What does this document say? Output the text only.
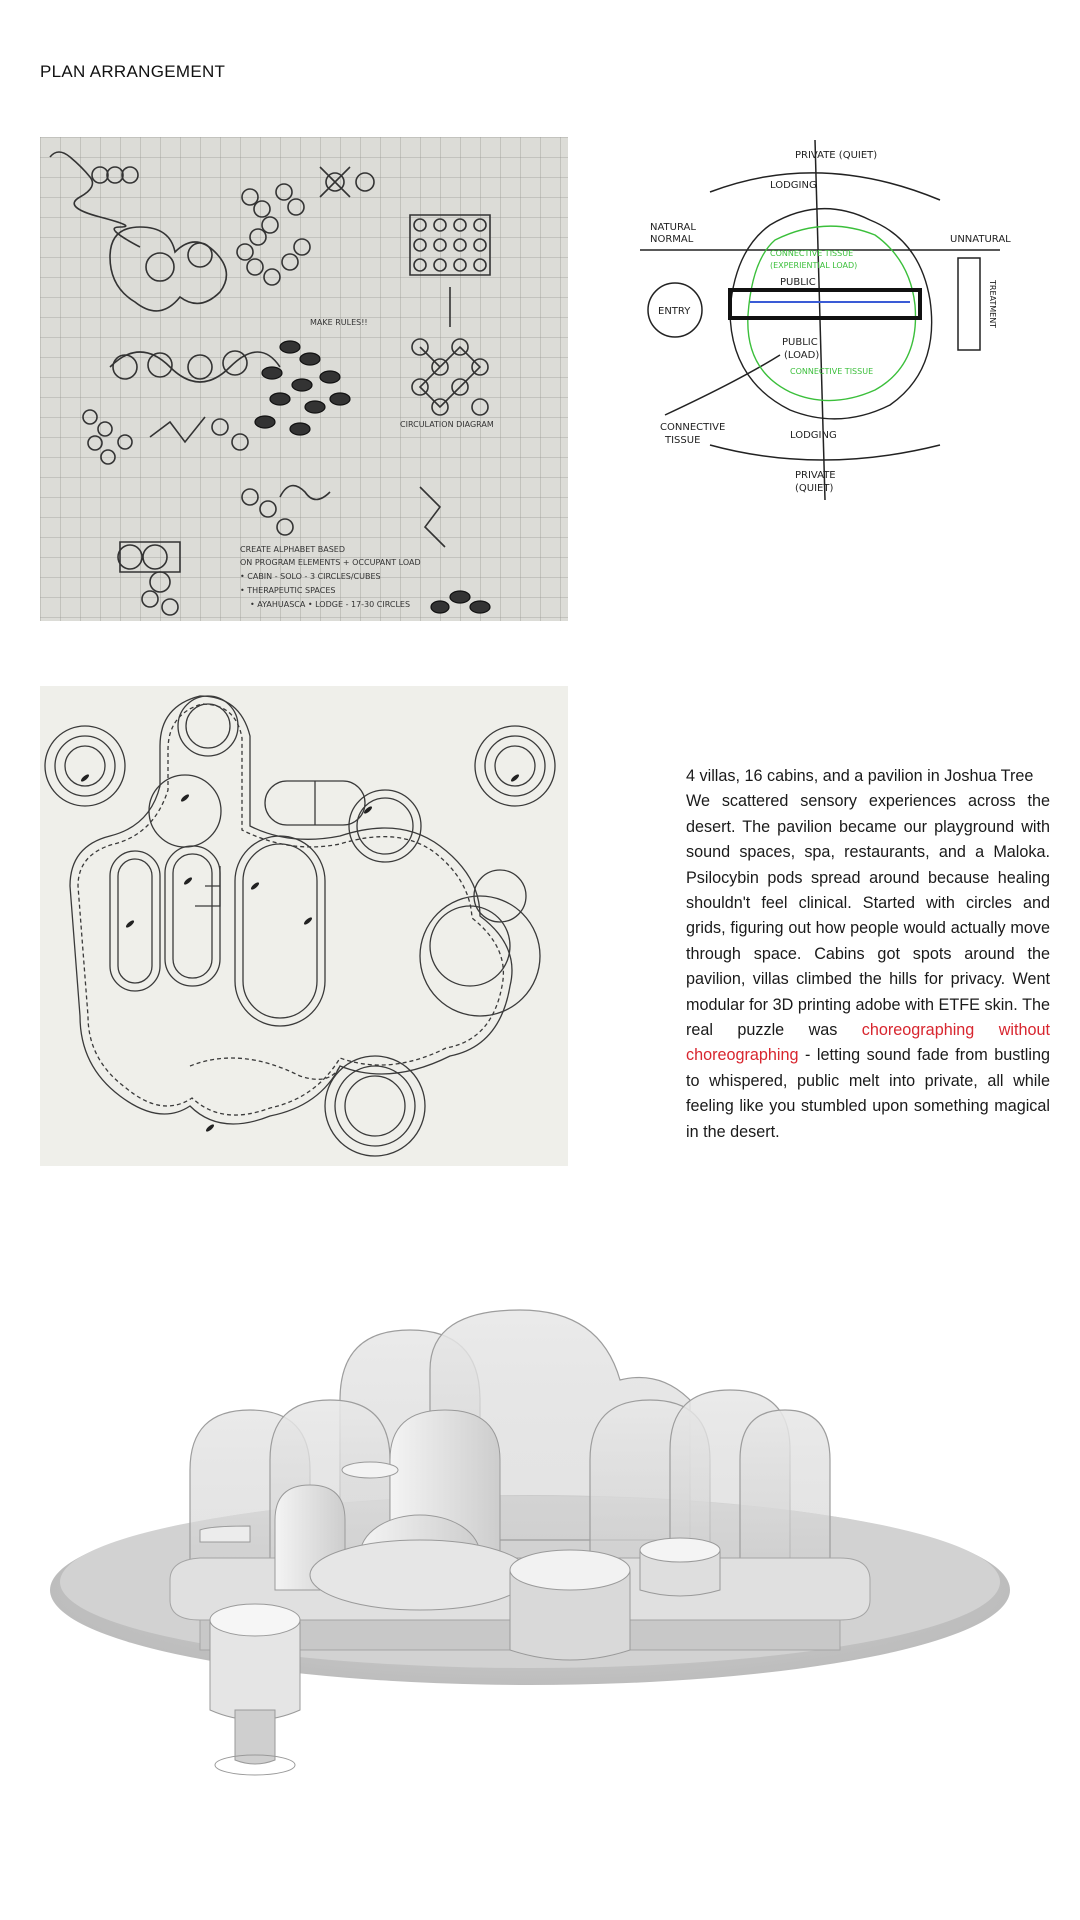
PLAN ARRANGEMENT
MAKE RULES!!
CIRCULATION DIAGRAM
CREATE ALPHABET BASED
ON PROGRAM ELEMENTS + OCCUPANT LOAD
• CABIN - SOLO - 3 CIRCLES/CUBES
• THERAPEUTIC SPACES
• AYAHUASCA • LODGE - 17-30 CIRCLES
PRIVATE (QUIET)
LODGING
NATURAL
NORMAL	UNNATURAL
ENTRY
PUBLIC
PUBLIC
(LOAD)
CONNECTIVE
TISSUE	LODGING
PRIVATE
(QUIET)
TREATMENT
CONNECTIVE TISSUE
(EXPERIENTIAL LOAD)
CONNECTIVE TISSUE
4 villas, 16 cabins, and a pavilion in Joshua Tree
We scattered sensory experiences across the desert. The pavilion became our playground with sound spaces, spa, restaurants, and a Maloka. Psilocybin pods spread around because healing shouldn't feel clinical. Started with circles and grids, figuring out how people would actually move through space. Cabins got spots around the pavilion, villas climbed the hills for privacy. Went modular for 3D printing adobe with ETFE skin. The real puzzle was choreographing without choreographing - letting sound fade from bustling to whispered, public melt into private, all while feeling like you stumbled upon something magical in the desert.
